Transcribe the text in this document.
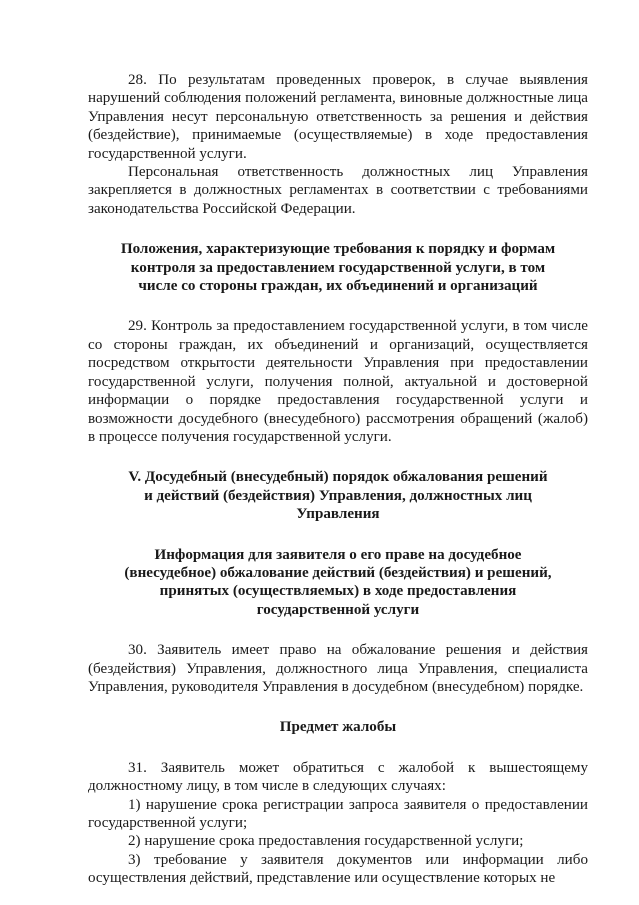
28. По результатам проведенных проверок, в случае выявления нарушений соблюдения положений регламента, виновные должностные лица Управления несут персональную ответственность за решения и действия (бездействие), принимаемые (осуществляемые) в ходе предоставления государственной услуги.

Персональная ответственность должностных лиц Управления закрепляется в должностных регламентах в соответствии с требованиями законодательства Российской Федерации.

Положения, характеризующие требования к порядку и формам
контроля за предоставлением государственной услуги, в том
числе со стороны граждан, их объединений и организаций

29. Контроль за предоставлением государственной услуги, в том числе со стороны граждан, их объединений и организаций, осуществляется посредством открытости деятельности Управления при предоставлении государственной услуги, получения полной, актуальной и достоверной информации о порядке предоставления государственной услуги и возможности досудебного (внесудебного) рассмотрения обращений (жалоб) в процессе получения государственной услуги.

V. Досудебный (внесудебный) порядок обжалования решений
и действий (бездействия) Управления, должностных лиц
Управления
Информация для заявителя о его праве на досудебное
(внесудебное) обжалование действий (бездействия) и решений,
принятых (осуществляемых) в ходе предоставления
государственной услуги

30. Заявитель имеет право на обжалование решения и действия (бездействия) Управления, должностного лица Управления, специалиста Управления, руководителя Управления в досудебном (внесудебном) порядке.

Предмет жалобы

31. Заявитель может обратиться с жалобой к вышестоящему должностному лицу, в том числе в следующих случаях:

1) нарушение срока регистрации запроса заявителя о предоставлении государственной услуги;

2) нарушение срока предоставления государственной услуги;

3) требование у заявителя документов или информации либо осуществления действий, представление или осуществление которых не
